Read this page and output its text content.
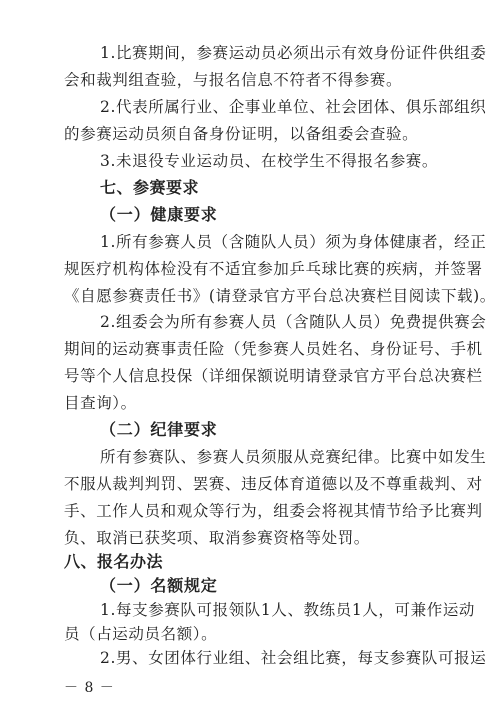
1.比赛期间，参赛运动员必须出示有效身份证件供组委
会和裁判组查验，与报名信息不符者不得参赛。
2.代表所属行业、企事业单位、社会团体、俱乐部组织
的参赛运动员须自备身份证明，以备组委会查验。
3.未退役专业运动员、在校学生不得报名参赛。
七、参赛要求
（一）健康要求
1.所有参赛人员（含随队人员）须为身体健康者，经正
规医疗机构体检没有不适宜参加乒乓球比赛的疾病，并签署
《自愿参赛责任书》(请登录官方平台总决赛栏目阅读下载)。
2.组委会为所有参赛人员（含随队人员）免费提供赛会
期间的运动赛事责任险（凭参赛人员姓名、身份证号、手机
号等个人信息投保（详细保额说明请登录官方平台总决赛栏
目查询）。
（二）纪律要求
所有参赛队、参赛人员须服从竞赛纪律。比赛中如发生
不服从裁判判罚、罢赛、违反体育道德以及不尊重裁判、对
手、工作人员和观众等行为，组委会将视其情节给予比赛判
负、取消已获奖项、取消参赛资格等处罚。
八、报名办法
（一）名额规定
1.每支参赛队可报领队1人、教练员1人，可兼作运动
员（占运动员名额）。
2.男、女团体行业组、社会组比赛，每支参赛队可报运
－ 8 －
